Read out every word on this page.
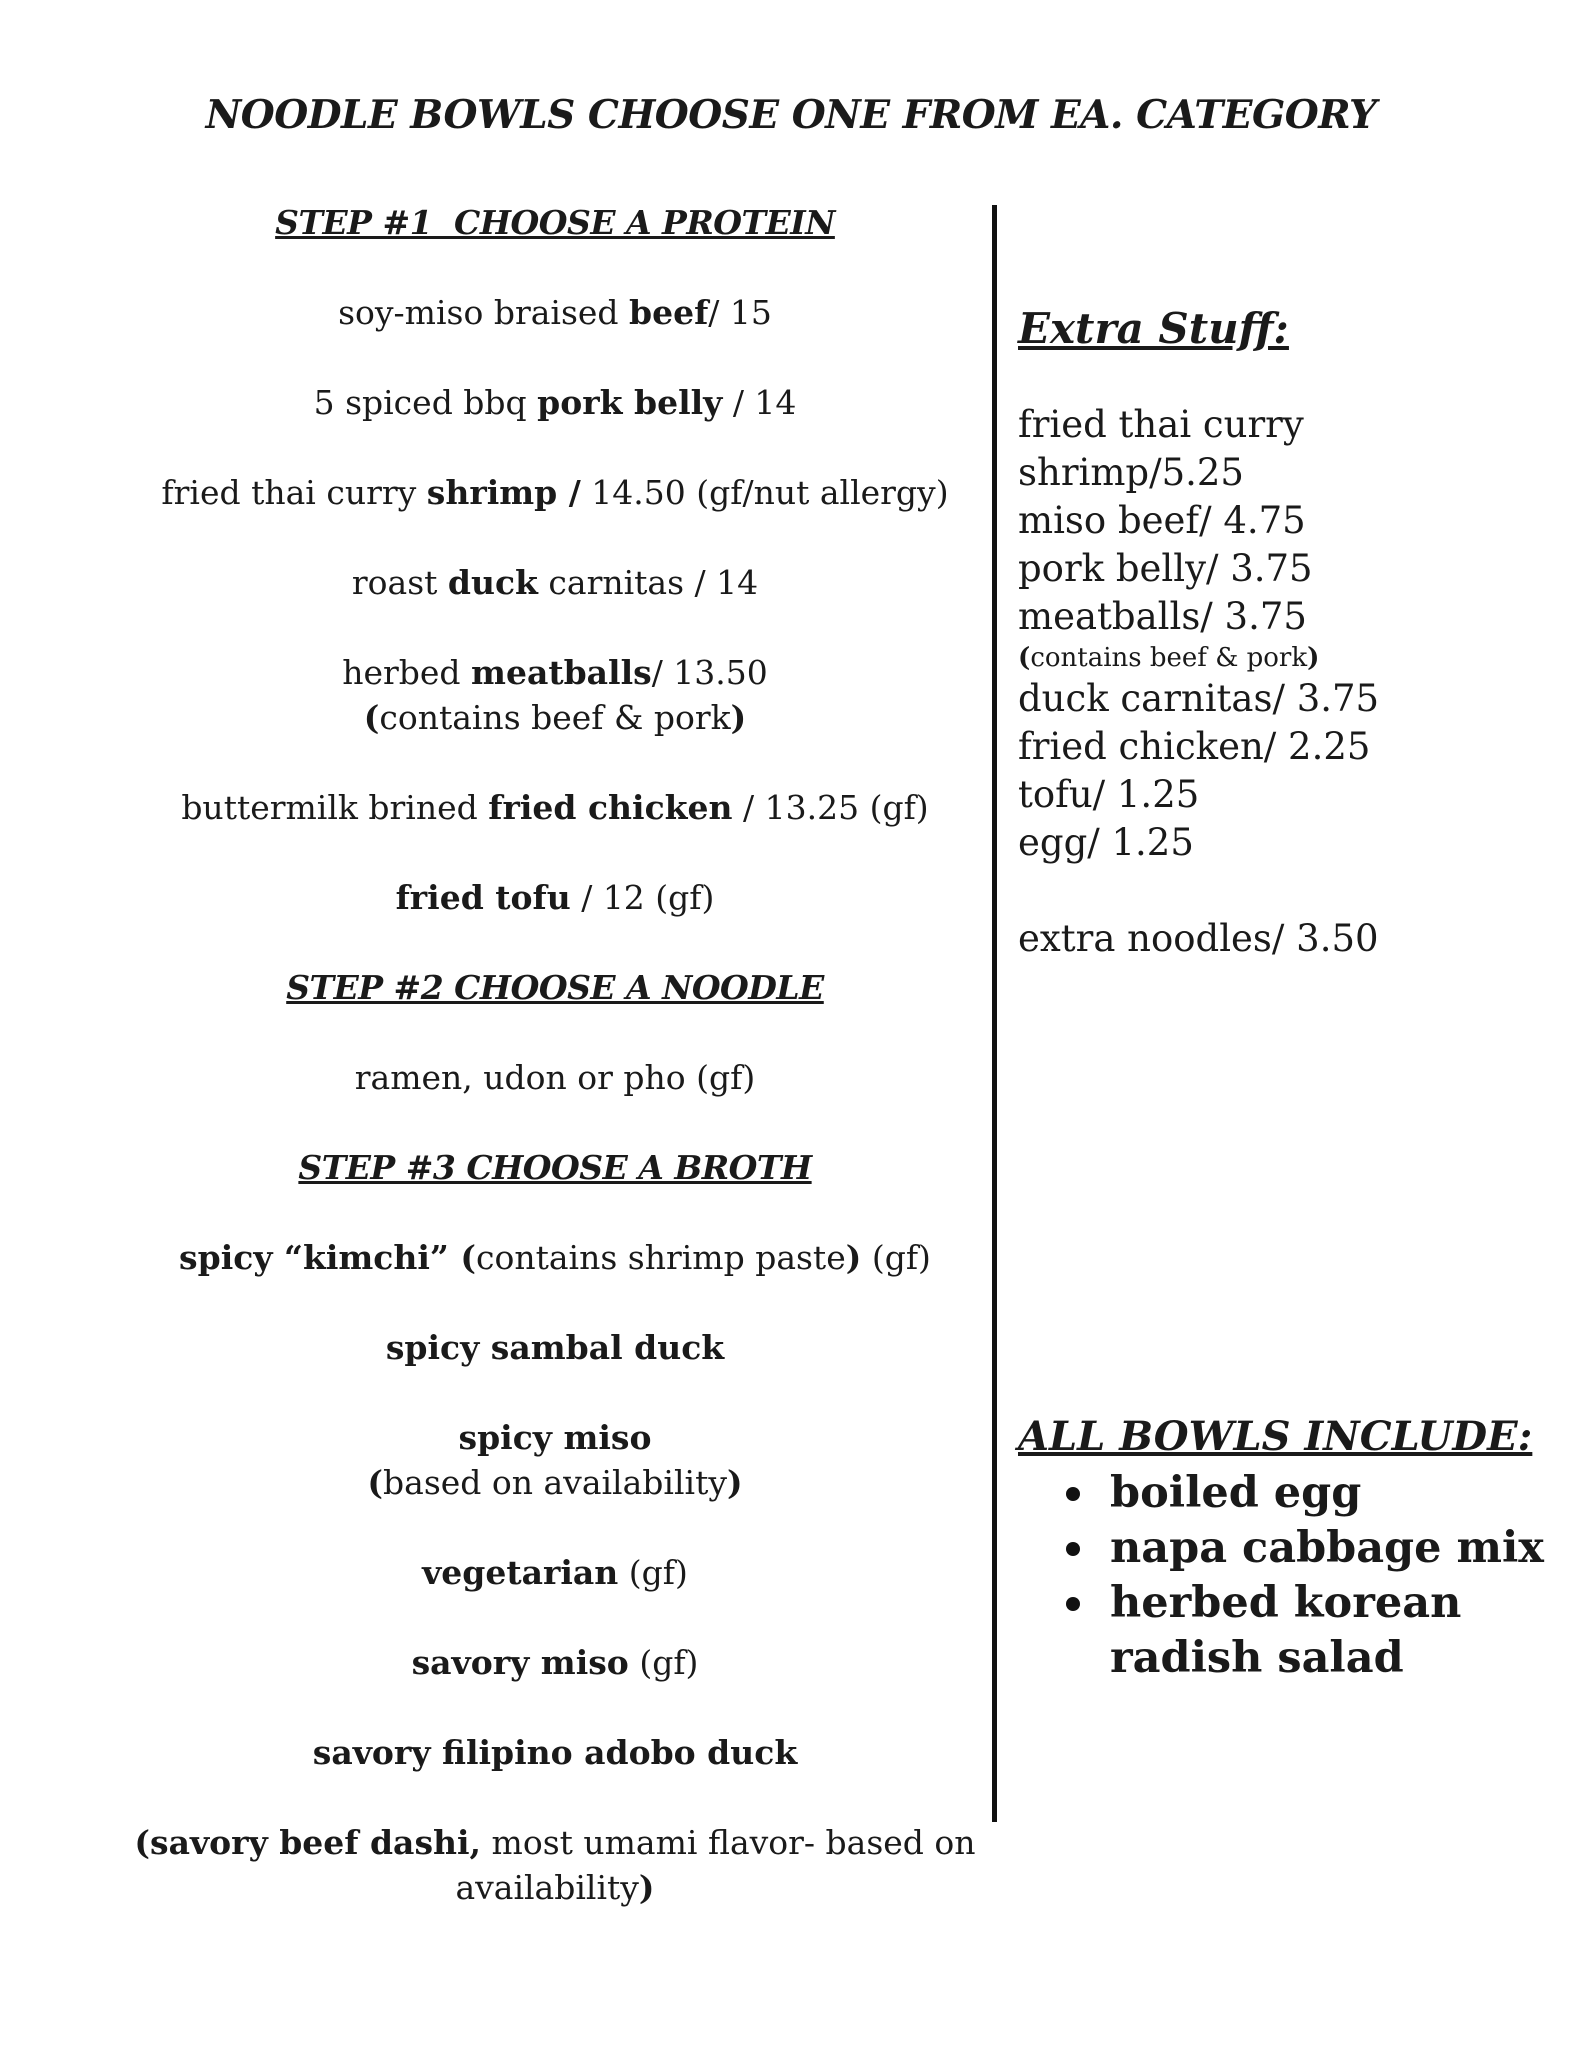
NOODLE BOWLS CHOOSE ONE FROM EA. CATEGORY
STEP #1  CHOOSE A PROTEIN
soy-miso braised beef/ 15
5 spiced bbq pork belly / 14
fried thai curry shrimp / 14.50 (gf/nut allergy)
roast duck carnitas / 14
herbed meatballs/ 13.50
(contains beef & pork)
buttermilk brined fried chicken / 13.25 (gf)
fried tofu / 12 (gf)
STEP #2 CHOOSE A NOODLE
ramen, udon or pho (gf)
STEP #3 CHOOSE A BROTH
spicy “kimchi” (contains shrimp paste) (gf)
spicy sambal duck
spicy miso
(based on availability)
vegetarian (gf)
savory miso (gf)
savory filipino adobo duck
(savory beef dashi, most umami flavor- based on
availability)
Extra Stuff:
fried thai curry
shrimp/5.25
miso beef/ 4.75
pork belly/ 3.75
meatballs/ 3.75
(contains beef & pork)
duck carnitas/ 3.75
fried chicken/ 2.25
tofu/ 1.25
egg/ 1.25
extra noodles/ 3.50
ALL BOWLS INCLUDE:
boiled egg
napa cabbage mix
herbed korean radish salad
